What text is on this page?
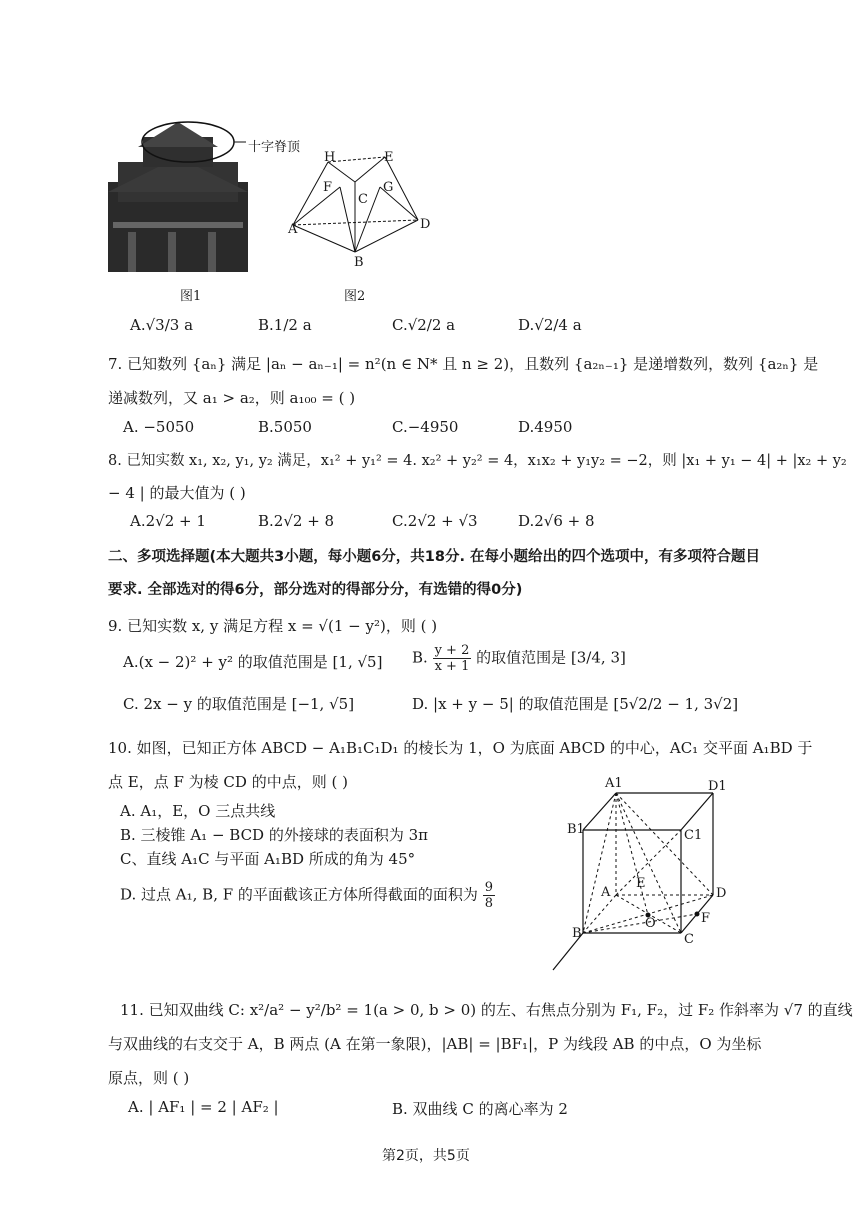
十字脊顶
图1
H	E
F	G
C
A	D
B
图2
A.√3/3 a	B.1/2 a	C.√2/2 a	D.√2/4 a
7. 已知数列 {aₙ} 满足 |aₙ − aₙ₋₁| = n²(n ∈ N* 且 n ≥ 2)，且数列 {a₂ₙ₋₁} 是递增数列，数列 {a₂ₙ} 是
递减数列，又 a₁ > a₂，则 a₁₀₀ = ( )
A. −5050	B.5050	C.−4950	D.4950
8. 已知实数 x₁, x₂, y₁, y₂ 满足，x₁² + y₁² = 4. x₂² + y₂² = 4，x₁x₂ + y₁y₂ = −2，则 |x₁ + y₁ − 4| + |x₂ + y₂
− 4 | 的最大值为 ( )
A.2√2 + 1	B.2√2 + 8	C.2√2 + √3	D.2√6 + 8
二、多项选择题(本大题共3小题，每小题6分，共18分. 在每小题给出的四个选项中，有多项符合题目
要求. 全部选对的得6分，部分选对的得部分分，有选错的得0分)
9. 已知实数 x, y 满足方程 x = √(1 − y²)，则 ( )
A.(x − 2)² + y² 的取值范围是 [1, √5] B. $\frac{y + 2}{x + 1}$ 的取值范围是 [3/4, 3]
C. 2x − y 的取值范围是 [−1, √5]	D. |x + y − 5| 的取值范围是 [5√2/2 − 1, 3√2]
10. 如图，已知正方体 ABCD − A₁B₁C₁D₁ 的棱长为 1，O 为底面 ABCD 的中心，AC₁ 交平面 A₁BD 于
点 E，点 F 为棱 CD 的中点，则 ( )
A. A₁，E，O 三点共线
B. 三棱锥 A₁ − BCD 的外接球的表面积为 3π
C、直线 A₁C 与平面 A₁BD 所成的角为 45°
D. 过点 A₁, B, F 的平面截该正方体所得截面的面积为 $\frac{9}{8}$
A1	D1
B1	C1
A
E
D
B
O	F
C
11. 已知双曲线 C: x²/a² − y²/b² = 1(a > 0, b > 0) 的左、右焦点分别为 F₁, F₂，过 F₂ 作斜率为 √7 的直线
与双曲线的右支交于 A，B 两点 (A 在第一象限)，|AB| = |BF₁|，P 为线段 AB 的中点，O 为坐标
原点，则 ( )
A. | AF₁ | = 2 | AF₂ |	B. 双曲线 C 的离心率为 2
第2页，共5页
